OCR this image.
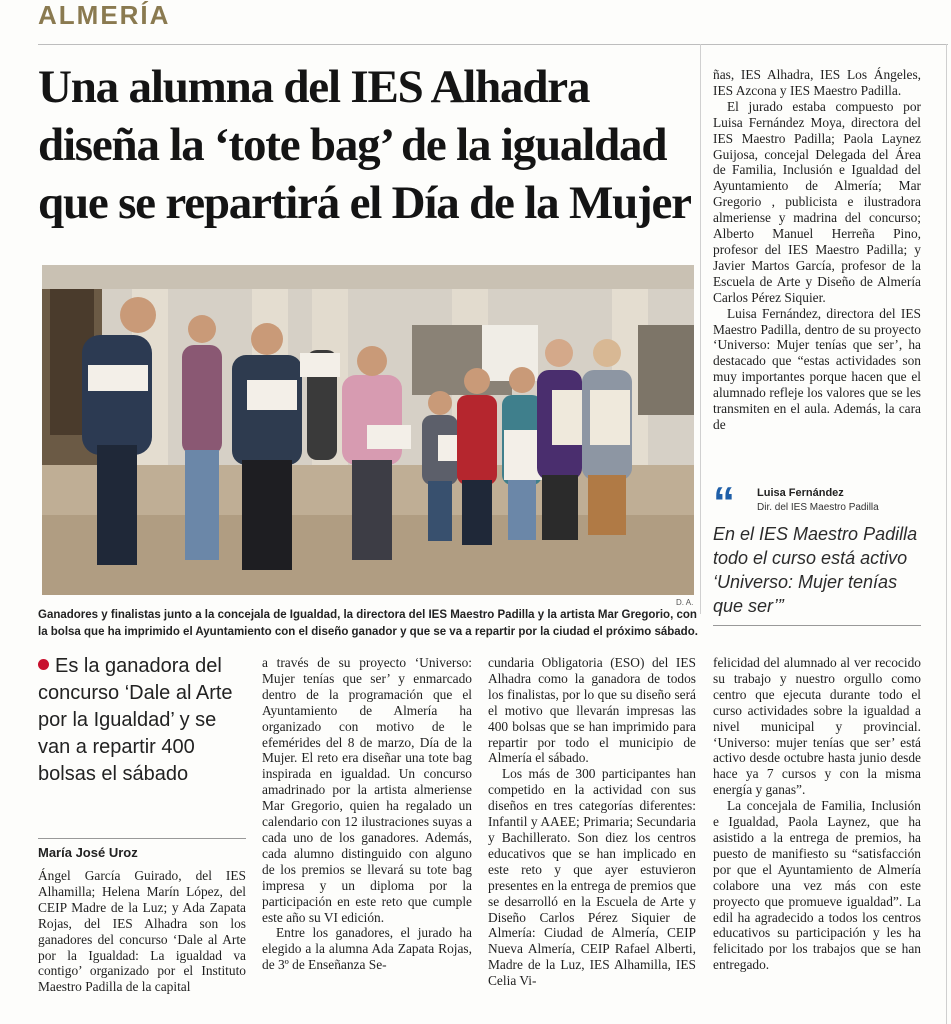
ALMERÍA
Una alumna del IES Alhadra diseña la ‘tote bag’ de la igualdad que se repartirá el Día de la Mujer
D. A.
Ganadores y finalistas junto a la concejala de Igualdad, la directora del IES Maestro Padilla y la artista Mar Gregorio, con la bolsa que ha imprimido el Ayuntamiento con el diseño ganador y que se va a repartir por la ciudad el próximo sábado.
Es la ganadora del concurso ‘Dale al Arte por la Igualdad’ y se van a repartir 400 bolsas el sábado
María José Uroz

Ángel García Guirado, del IES Alhamilla; Helena Marín López, del CEIP Madre de la Luz; y Ada Zapata Rojas, del IES Alhadra son los ganadores del concurso ‘Dale al Arte por la Igualdad: La igualdad va contigo’ organizado por el Instituto Maestro Padilla de la capital

a través de su proyecto ‘Universo: Mujer tenías que ser’ y enmarcado dentro de la programación que el Ayuntamiento de Almería ha organizado con motivo de le efemérides del 8 de marzo, Día de la Mujer. El reto era diseñar una tote bag inspirada en igualdad. Un concurso amadrinado por la artista almeriense Mar Gregorio, quien ha regalado un calendario con 12 ilustraciones suyas a cada uno de los ganadores. Además, cada alumno distinguido con alguno de los premios se llevará su tote bag impresa y un diploma por la participación en este reto que cumple este año su VI edición.

Entre los ganadores, el jurado ha elegido a la alumna Ada Zapata Rojas, de 3º de Enseñanza Se-

cundaria Obligatoria (ESO) del IES Alhadra como la ganadora de todos los finalistas, por lo que su diseño será el motivo que llevarán impresas las 400 bolsas que se han imprimido para repartir por todo el municipio de Almería el sábado.

Los más de 300 participantes han competido en la actividad con sus diseños en tres categorías diferentes: Infantil y AAEE; Primaria; Secundaria y Bachillerato. Son diez los centros educativos que se han implicado en este reto y que ayer estuvieron presentes en la entrega de premios que se desarrolló en la Escuela de Arte y Diseño Carlos Pérez Siquier de Almería: Ciudad de Almería, CEIP Nueva Almería, CEIP Rafael Alberti, Madre de la Luz, IES Alhamilla, IES Celia Vi-

felicidad del alumnado al ver recocido su trabajo y nuestro orgullo como centro que ejecuta durante todo el curso actividades sobre la igualdad a nivel municipal y provincial. ‘Universo: mujer tenías que ser’ está activo desde octubre hasta junio desde hace ya 7 cursos y con la misma energía y ganas”.

La concejala de Familia, Inclusión e Igualdad, Paola Laynez, que ha asistido a la entrega de premios, ha puesto de manifiesto su “satisfacción por que el Ayuntamiento de Almería colabore una vez más con este proyecto que promueve igualdad”. La edil ha agradecido a todos los centros educativos su participación y les ha felicitado por los trabajos que se han entregado.

ñas, IES Alhadra, IES Los Ángeles, IES Azcona y IES Maestro Padilla.

El jurado estaba compuesto por Luisa Fernández Moya, directora del IES Maestro Padilla; Paola Laynez Guijosa, concejal Delegada del Área de Familia, Inclusión e Igualdad del Ayuntamiento de Almería; Mar Gregorio , publicista e ilustradora almeriense y madrina del concurso; Alberto Manuel Herreña Pino, profesor del IES Maestro Padilla; y Javier Martos García, profesor de la Escuela de Arte y Diseño de Almería Carlos Pérez Siquier.

Luisa Fernández, directora del IES Maestro Padilla, dentro de su proyecto ‘Universo: Mujer tenías que ser’, ha destacado que “estas actividades son muy importantes porque hacen que el alumnado refleje los valores que se les transmiten en el aula. Además, la cara de

“ Luisa Fernández
Dir. del IES Maestro Padilla
En el IES Maestro Padilla todo el curso está activo ‘Universo: Mujer tenías que ser’”
